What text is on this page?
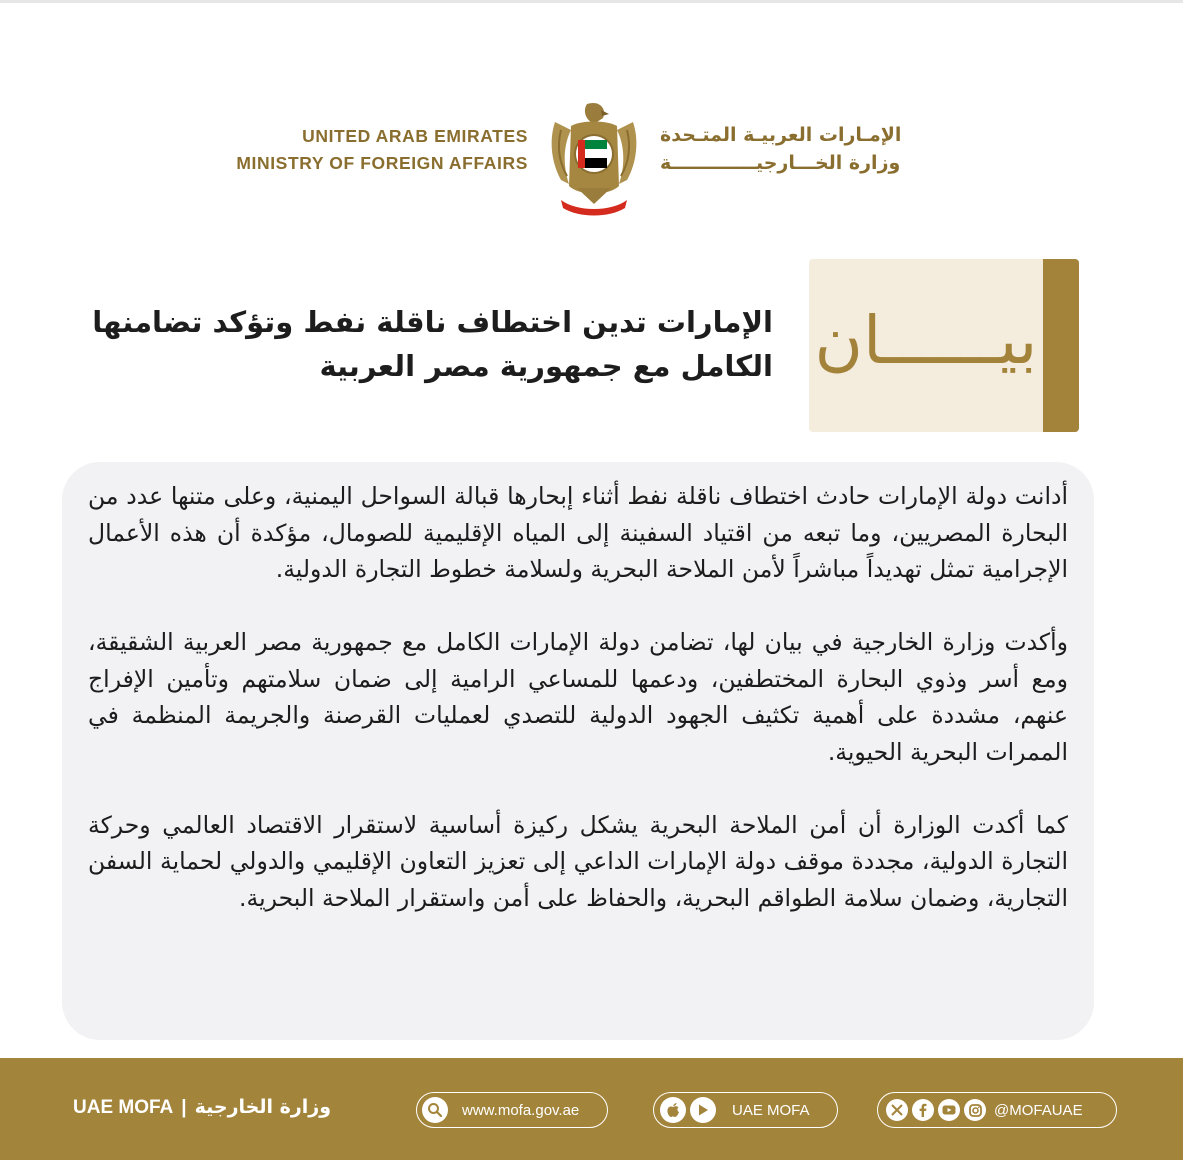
UNITED ARAB EMIRATES
MINISTRY OF FOREIGN AFFAIRS
الإمـارات العربيـة المتـحدة
وزارة الخـــارجيـــــــــــــة
الإمارات تدين اختطاف ناقلة نفط وتؤكد تضامنها
الكامل مع جمهورية مصر العربية بيــــــان

أدانت دولة الإمارات حادث اختطاف ناقلة نفط أثناء إبحارها قبالة السواحل اليمنية، وعلى متنها عدد من البحارة المصريين، وما تبعه من اقتياد السفينة إلى المياه الإقليمية للصومال، مؤكدة أن هذه الأعمال الإجرامية تمثل تهديداً مباشراً لأمن الملاحة البحرية ولسلامة خطوط التجارة الدولية.

وأكدت وزارة الخارجية في بيان لها، تضامن دولة الإمارات الكامل مع جمهورية مصر العربية الشقيقة، ومع أسر وذوي البحارة المختطفين، ودعمها للمساعي الرامية إلى ضمان سلامتهم وتأمين الإفراج عنهم، مشددة على أهمية تكثيف الجهود الدولية للتصدي لعمليات القرصنة والجريمة المنظمة في الممرات البحرية الحيوية.

كما أكدت الوزارة أن أمن الملاحة البحرية يشكل ركيزة أساسية لاستقرار الاقتصاد العالمي وحركة التجارة الدولية، مجددة موقف دولة الإمارات الداعي إلى تعزيز التعاون الإقليمي والدولي لحماية السفن التجارية، وضمان سلامة الطواقم البحرية، والحفاظ على أمن واستقرار الملاحة البحرية.

UAE MOFA | وزارة الخارجية	www.mofa.gov.ae	UAE MOFA	@MOFAUAE
